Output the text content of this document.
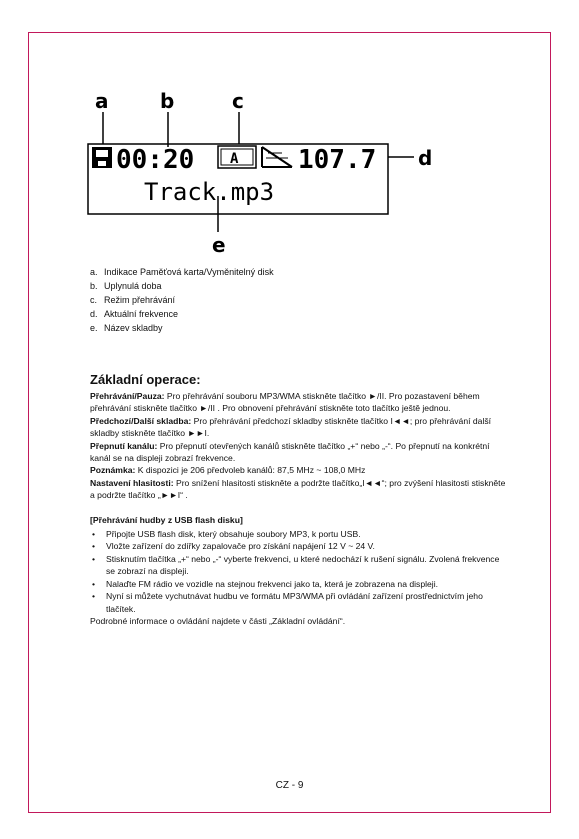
a	b	c
d
e
00:20	A 107.7
Track.mp3
a. Indikace Paměťová karta/Vyměnitelný disk
b. Uplynulá doba
c. Režim přehrávání
d. Aktuální frekvence
e. Název skladby
Základní operace:

Přehrávání/Pauza: Pro přehrávání souboru MP3/WMA stiskněte tlačítko ►/II. Pro pozastavení během přehrávání stiskněte tlačítko ►/II . Pro obnovení přehrávání stiskněte toto tlačítko ještě jednou.

Předchozí/Další skladba: Pro přehrávání předchozí skladby stiskněte tlačítko I◄◄; pro přehrávání další skladby stiskněte tlačítko ►►I.

Přepnutí kanálu: Pro přepnutí otevřených kanálů stiskněte tlačítko „+“ nebo „-“. Po přepnutí na konkrétní kanál se na displeji zobrazí frekvence.

Poznámka: K dispozici je 206 předvoleb kanálů: 87,5 MHz ~ 108,0 MHz

Nastavení hlasitosti: Pro snížení hlasitosti stiskněte a podržte tlačítko„I◄◄“; pro zvýšení hlasitosti stiskněte a podržte tlačítko „►►I“ .

[Přehrávání hudby z USB flash disku]

• Připojte USB flash disk, který obsahuje soubory MP3, k portu USB.
• Vložte zařízení do zdířky zapalovače pro získání napájení 12 V ~ 24 V.
• Stisknutím tlačítka „+“ nebo „-“ vyberte frekvenci, u které nedochází k rušení signálu. Zvolená frekvence se zobrazí na displeji.
• Nalaďte FM rádio ve vozidle na stejnou frekvenci jako ta, která je zobrazena na displeji.
• Nyní si můžete vychutnávat hudbu ve formátu MP3/WMA při ovládání zařízení prostřednictvím jeho tlačítek.

Podrobné informace o ovládání najdete v části „Základní ovládání“.

CZ - 9
